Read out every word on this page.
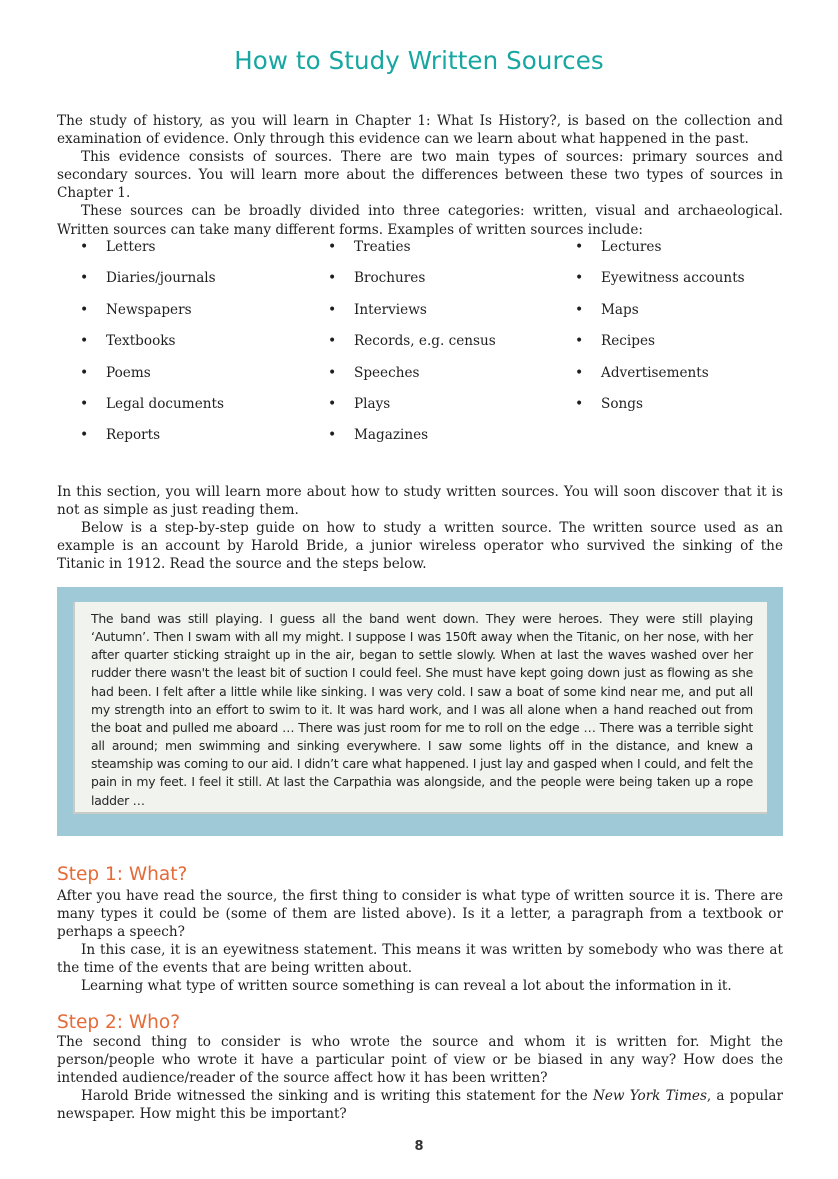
How to Study Written Sources

The study of history, as you will learn in Chapter 1: What Is History?, is based on the collection and examination of evidence. Only through this evidence can we learn about what happened in the past.

This evidence consists of sources. There are two main types of sources: primary sources and secondary sources. You will learn more about the differences between these two types of sources in Chapter 1.

These sources can be broadly divided into three categories: written, visual and archaeological. Written sources can take many different forms. Examples of written sources include:

• Letters
• Diaries/journals
• Newspapers
• Textbooks
• Poems
• Legal documents
• Reports
• Treaties
• Brochures
• Interviews
• Records, e.g. census
• Speeches
• Plays
• Magazines
• Lectures
• Eyewitness accounts
• Maps
• Recipes
• Advertisements
• Songs

In this section, you will learn more about how to study written sources. You will soon discover that it is not as simple as just reading them.

Below is a step-by-step guide on how to study a written source. The written source used as an example is an account by Harold Bride, a junior wireless operator who survived the sinking of the Titanic in 1912. Read the source and the steps below.

The band was still playing. I guess all the band went down. They were heroes. They were still playing ‘Autumn’. Then I swam with all my might. I suppose I was 150ft away when the Titanic, on her nose, with her after quarter sticking straight up in the air, began to settle slowly. When at last the waves washed over her rudder there wasn't the least bit of suction I could feel. She must have kept going down just as flowing as she had been. I felt after a little while like sinking. I was very cold. I saw a boat of some kind near me, and put all my strength into an effort to swim to it. It was hard work, and I was all alone when a hand reached out from the boat and pulled me aboard … There was just room for me to roll on the edge … There was a terrible sight all around; men swimming and sinking everywhere. I saw some lights off in the distance, and knew a steamship was coming to our aid. I didn’t care what happened. I just lay and gasped when I could, and felt the pain in my feet. I feel it still. At last the Carpathia was alongside, and the people were being taken up a rope ladder …

Step 1: What?

After you have read the source, the first thing to consider is what type of written source it is. There are many types it could be (some of them are listed above). Is it a letter, a paragraph from a textbook or perhaps a speech?

In this case, it is an eyewitness statement. This means it was written by somebody who was there at the time of the events that are being written about.

Learning what type of written source something is can reveal a lot about the information in it.

Step 2: Who?

The second thing to consider is who wrote the source and whom it is written for. Might the person/people who wrote it have a particular point of view or be biased in any way? How does the intended audience/reader of the source affect how it has been written?

Harold Bride witnessed the sinking and is writing this statement for the New York Times, a popular newspaper. How might this be important?

8
